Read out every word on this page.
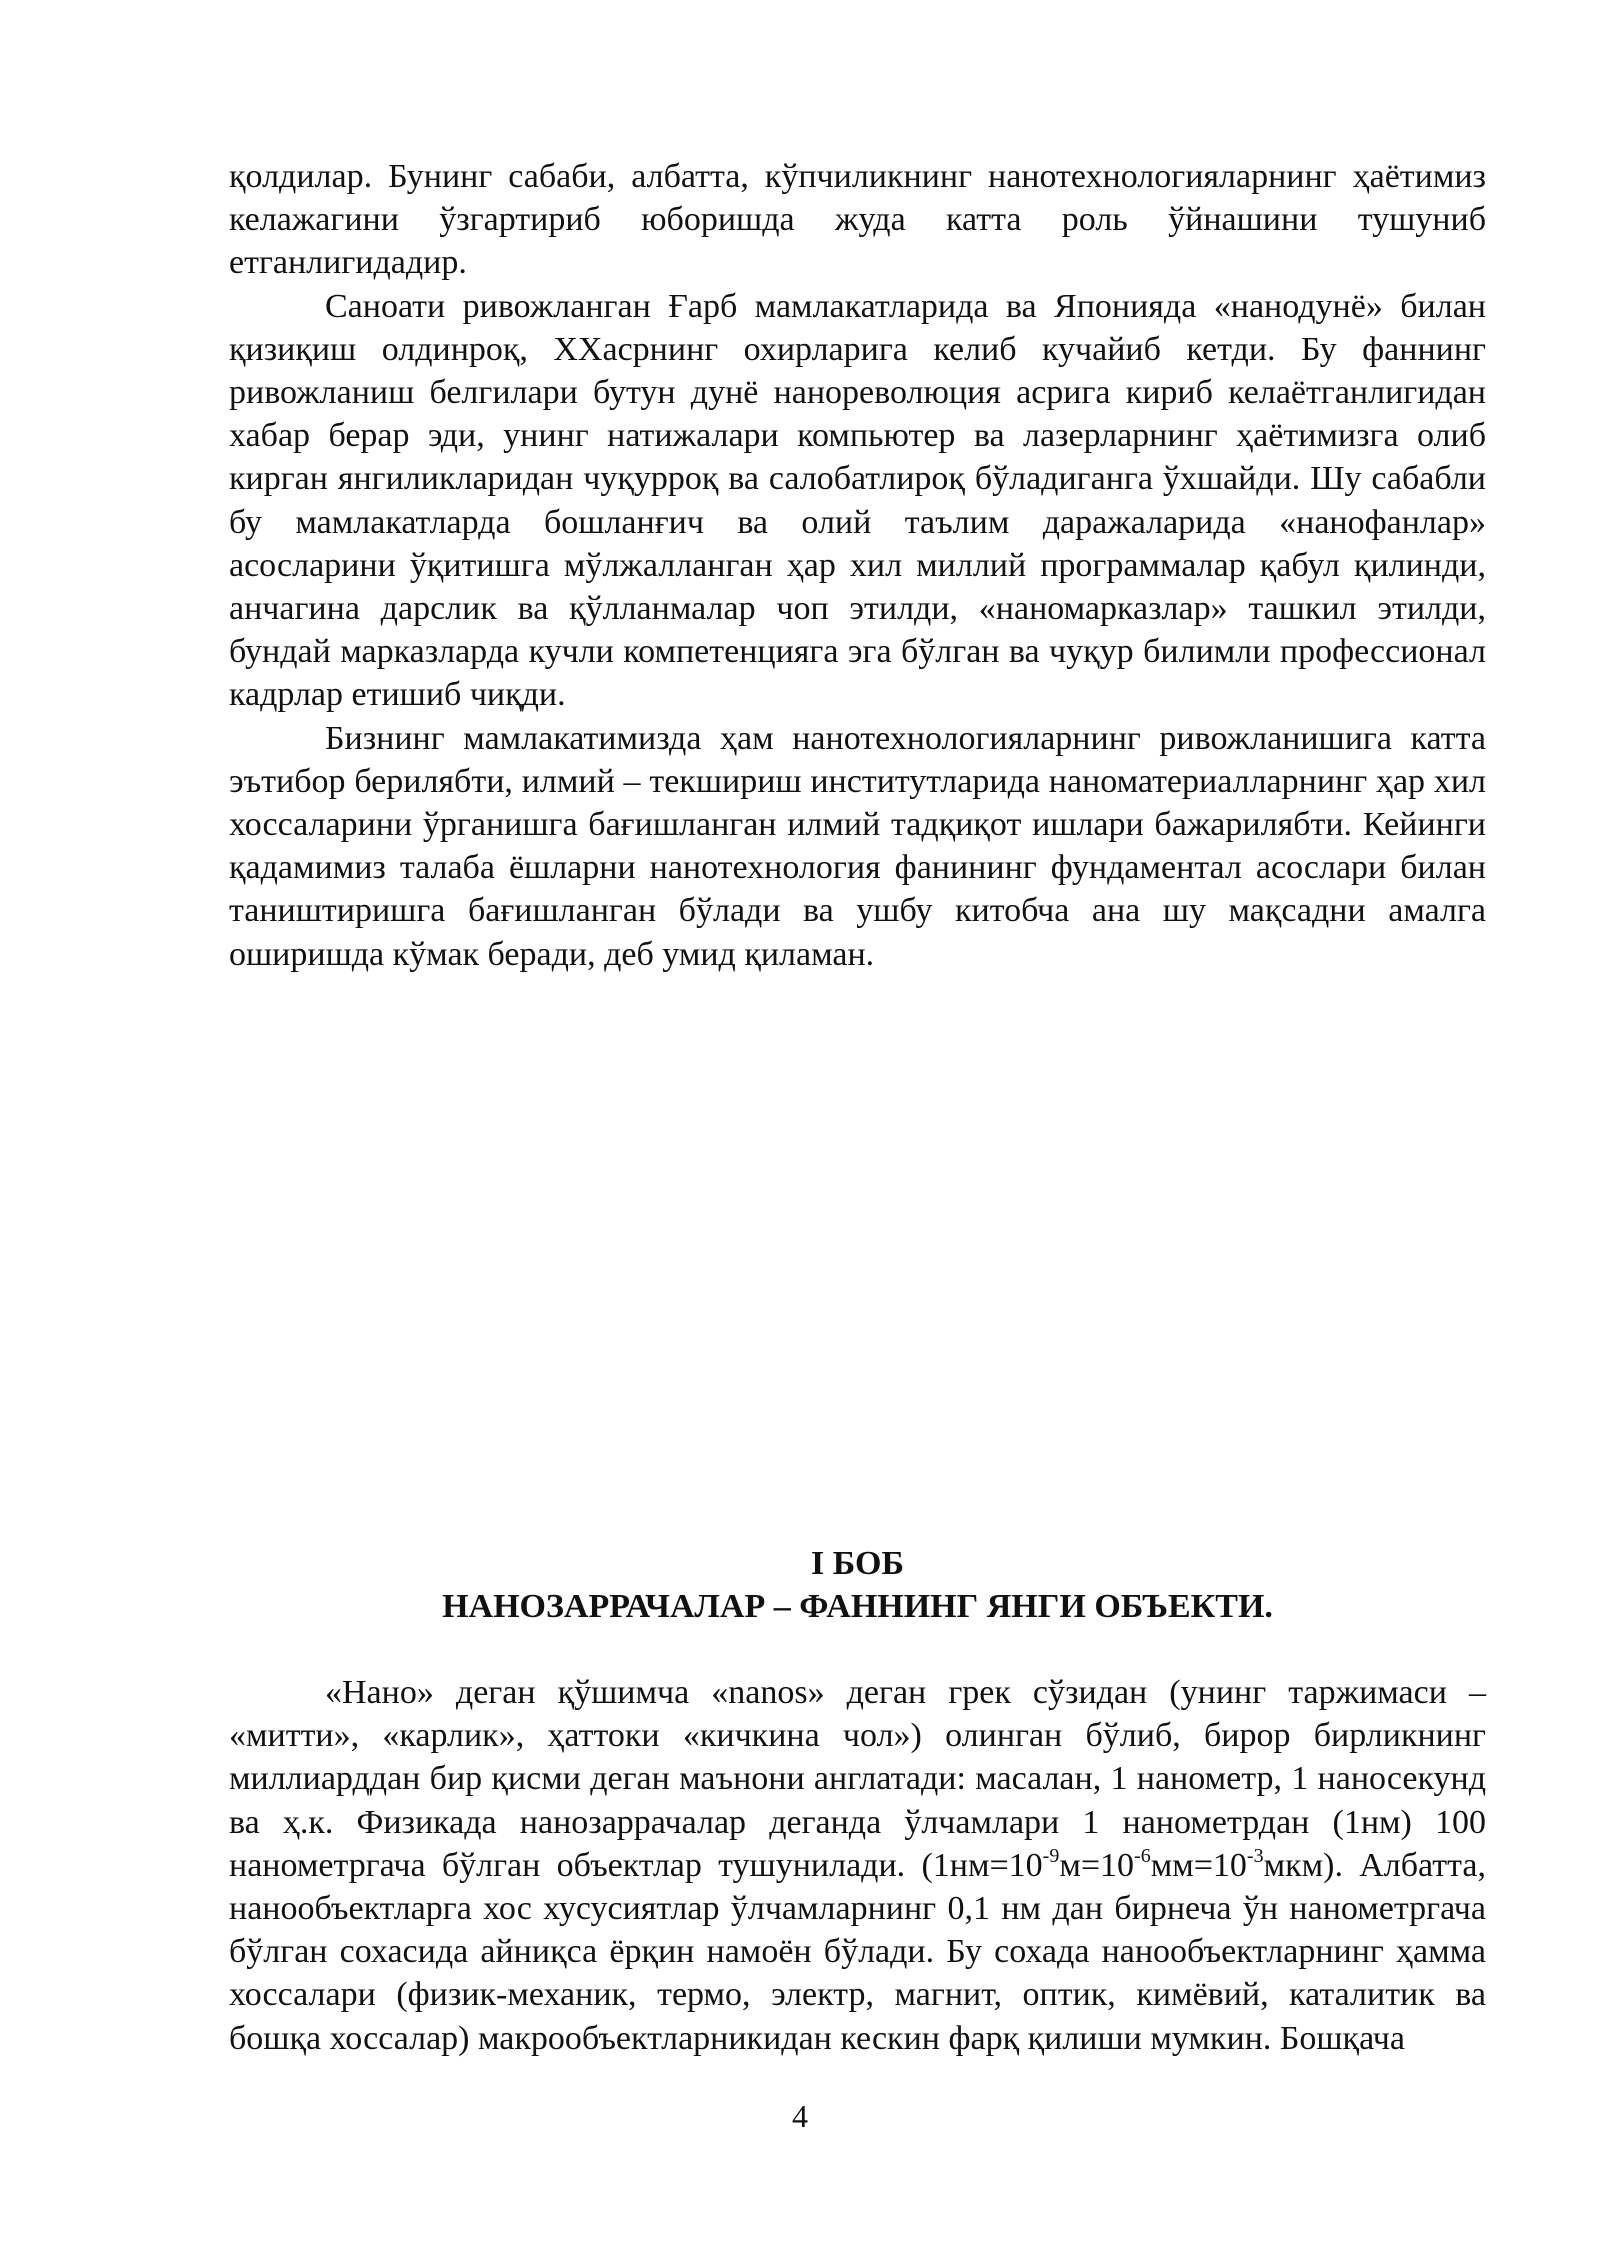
қолдилар. Бунинг сабаби, албатта, кўпчиликнинг нанотехнологияларнинг ҳаётимиз келажагини ўзгартириб юборишда жуда катта роль ўйнашини тушуниб етганлигидадир.

Саноати ривожланган Ғарб мамлакатларида ва Японияда «нанодунё» билан қизиқиш олдинроқ, ХХасрнинг охирларига келиб кучайиб кетди. Бу фаннинг ривожланиш белгилари бутун дунё нанореволюция асрига кириб келаётганлигидан хабар берар эди, унинг натижалари компьютер ва лазерларнинг ҳаётимизга олиб кирган янгиликларидан чуқурроқ ва салобатлироқ бўладиганга ўхшайди. Шу сабабли бу мамлакатларда бошланғич ва олий таълим даражаларида «нанофанлар» асосларини ўқитишга мўлжалланган ҳар хил миллий программалар қабул қилинди, анчагина дарслик ва қўлланмалар чоп этилди, «наномарказлар» ташкил этилди, бундай марказларда кучли компетенцияга эга бўлган ва чуқур билимли профессионал кадрлар етишиб чиқди.

Бизнинг мамлакатимизда ҳам нанотехнологияларнинг ривожланишига катта эътибор берилябти, илмий – текшириш институтларида наноматериалларнинг ҳар хил хоссаларини ўрганишга бағишланган илмий тадқиқот ишлари бажарилябти. Кейинги қадамимиз талаба ёшларни нанотехнология фанининг фундаментал асослари билан таништиришга бағишланган бўлади ва ушбу китобча ана шу мақсадни амалга оширишда кўмак беради, деб умид қиламан.

I БОБ
НАНОЗАРРАЧАЛАР – ФАННИНГ ЯНГИ ОБЪЕКТИ.

«Нано» деган қўшимча «nanos» деган грек сўзидан (унинг таржимаси – «митти», «карлик», ҳаттоки «кичкина чол») олинган бўлиб, бирор бирликнинг миллиарддан бир қисми деган маънони англатади: масалан, 1 нанометр, 1 наносекунд ва ҳ.к. Физикада нанозаррачалар деганда ўлчамлари 1 нанометрдан (1нм) 100 нанометргача бўлган объектлар тушунилади. $(1нм=10^{-9}м=10^{-6}мм=10^{-3}мкм)$. Албатта, нанообъектларга хос хусусиятлар ўлчамларнинг 0,1 нм дан бирнеча ўн нанометргача бўлган сохасида айниқса ёрқин намоён бўлади. Бу сохада нанообъектларнинг ҳамма хоссалари (физик-механик, термо, электр, магнит, оптик, кимёвий, каталитик ва бошқа хоссалар) макрообъектларникидан кескин фарқ қилиши мумкин. Бошқача

4
